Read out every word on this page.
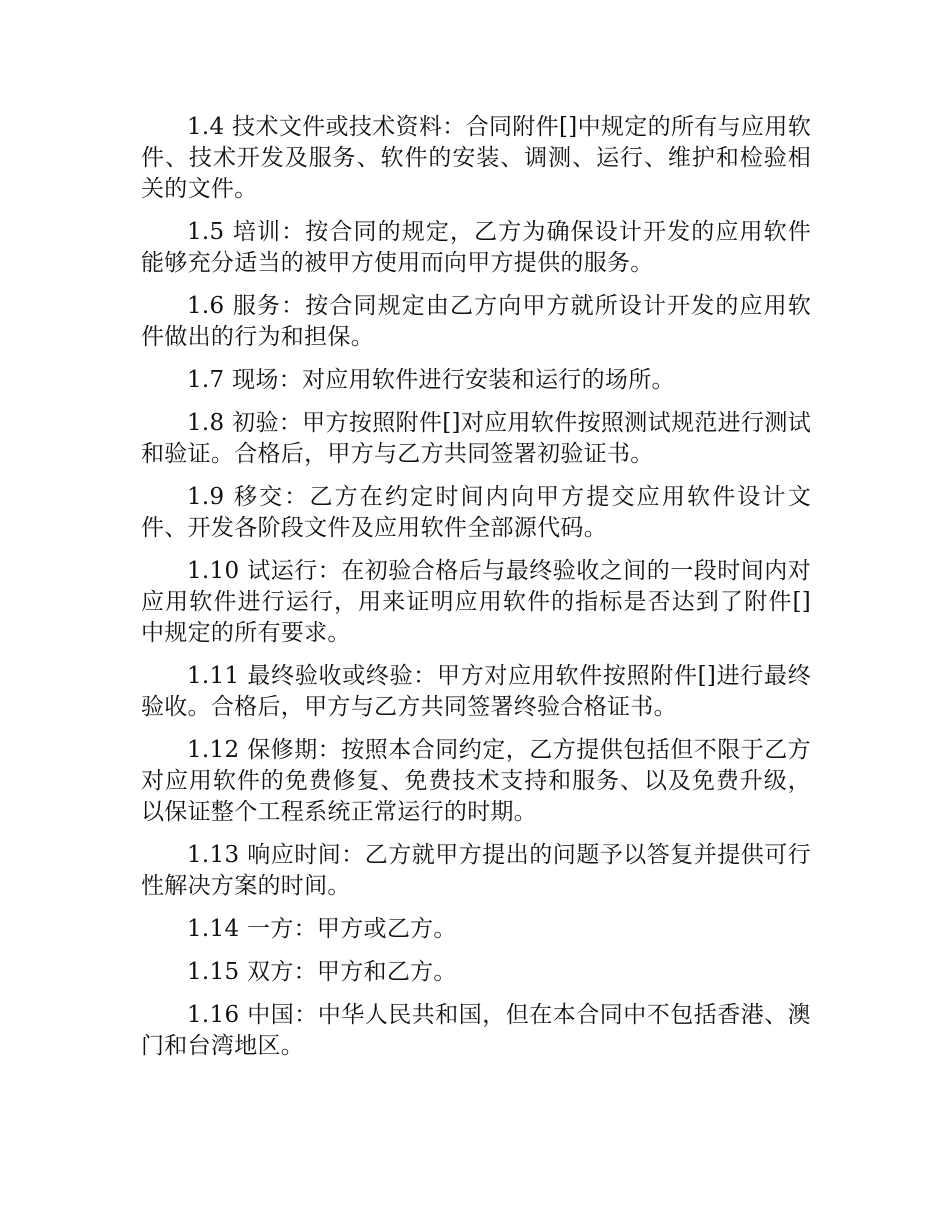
1.4 技术文件或技术资料：合同附件[]中规定的所有与应用软件、技术开发及服务、软件的安装、调测、运行、维护和检验相关的文件。

1.5 培训：按合同的规定，乙方为确保设计开发的应用软件能够充分适当的被甲方使用而向甲方提供的服务。

1.6 服务：按合同规定由乙方向甲方就所设计开发的应用软件做出的行为和担保。

1.7 现场：对应用软件进行安装和运行的场所。

1.8 初验：甲方按照附件[]对应用软件按照测试规范进行测试和验证。合格后，甲方与乙方共同签署初验证书。

1.9 移交：乙方在约定时间内向甲方提交应用软件设计文件、开发各阶段文件及应用软件全部源代码。

1.10 试运行：在初验合格后与最终验收之间的一段时间内对应用软件进行运行，用来证明应用软件的指标是否达到了附件[]中规定的所有要求。

1.11 最终验收或终验：甲方对应用软件按照附件[]进行最终验收。合格后，甲方与乙方共同签署终验合格证书。

1.12 保修期：按照本合同约定，乙方提供包括但不限于乙方对应用软件的免费修复、免费技术支持和服务、以及免费升级，以保证整个工程系统正常运行的时期。

1.13 响应时间：乙方就甲方提出的问题予以答复并提供可行性解决方案的时间。

1.14 一方：甲方或乙方。

1.15 双方：甲方和乙方。

1.16 中国：中华人民共和国，但在本合同中不包括香港、澳门和台湾地区。
